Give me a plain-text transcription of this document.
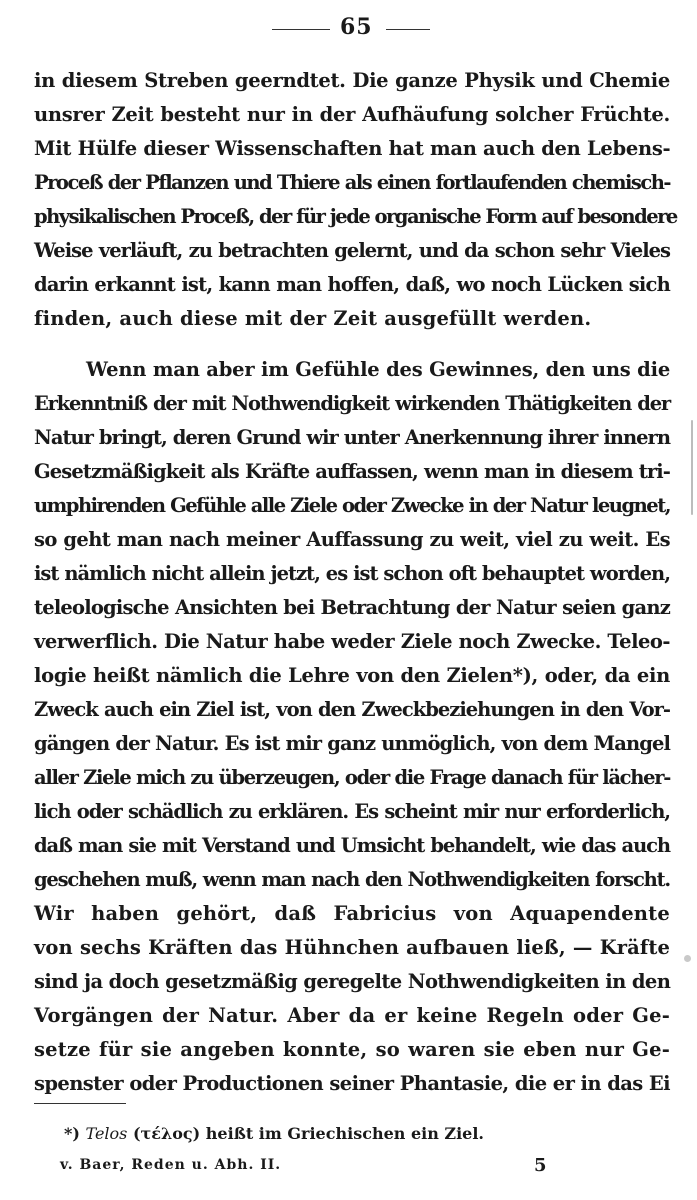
65
in diesem Streben geerndtet. Die ganze Physik und Chemie
unsrer Zeit besteht nur in der Aufhäufung solcher Früchte.
Mit Hülfe dieser Wissenschaften hat man auch den Lebens-
Proceß der Pflanzen und Thiere als einen fortlaufenden chemisch-
physikalischen Proceß, der für jede organische Form auf besondere
Weise verläuft, zu betrachten gelernt, und da schon sehr Vieles
darin erkannt ist, kann man hoffen, daß, wo noch Lücken sich
finden, auch diese mit der Zeit ausgefüllt werden.
Wenn man aber im Gefühle des Gewinnes, den uns die
Erkenntniß der mit Nothwendigkeit wirkenden Thätigkeiten der
Natur bringt, deren Grund wir unter Anerkennung ihrer innern
Gesetzmäßigkeit als Kräfte auffassen, wenn man in diesem tri-
umphirenden Gefühle alle Ziele oder Zwecke in der Natur leugnet,
so geht man nach meiner Auffassung zu weit, viel zu weit. Es
ist nämlich nicht allein jetzt, es ist schon oft behauptet worden,
teleologische Ansichten bei Betrachtung der Natur seien ganz
verwerflich. Die Natur habe weder Ziele noch Zwecke. Teleo-
logie heißt nämlich die Lehre von den Zielen*), oder, da ein
Zweck auch ein Ziel ist, von den Zweckbeziehungen in den Vor-
gängen der Natur. Es ist mir ganz unmöglich, von dem Mangel
aller Ziele mich zu überzeugen, oder die Frage danach für lächer-
lich oder schädlich zu erklären. Es scheint mir nur erforderlich,
daß man sie mit Verstand und Umsicht behandelt, wie das auch
geschehen muß, wenn man nach den Nothwendigkeiten forscht.
Wir haben gehört, daß Fabricius von Aquapendente
von sechs Kräften das Hühnchen aufbauen ließ, — Kräfte
sind ja doch gesetzmäßig geregelte Nothwendigkeiten in den
Vorgängen der Natur. Aber da er keine Regeln oder Ge-
setze für sie angeben konnte, so waren sie eben nur Ge-
spenster oder Productionen seiner Phantasie, die er in das Ei
*) Telos (τέλος) heißt im Griechischen ein Ziel.
v. Baer, Reden u. Abh. II.	5
